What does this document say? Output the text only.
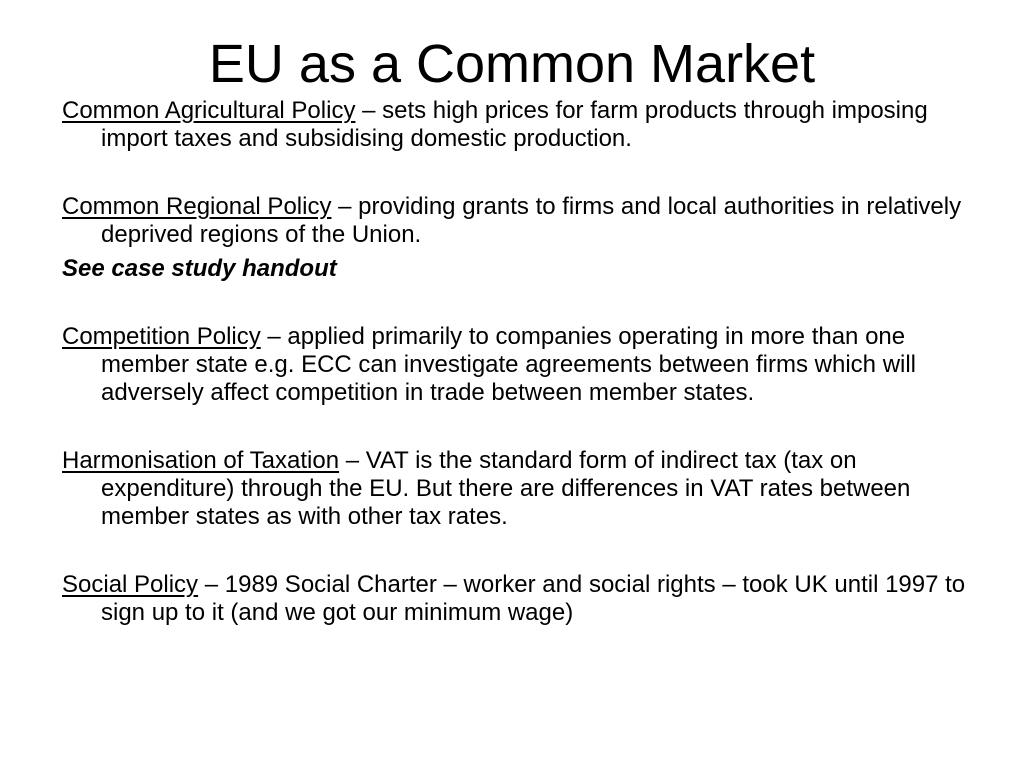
EU as a Common Market

Common Agricultural Policy – sets high prices for farm products through imposing import taxes and subsidising domestic production.

Common Regional Policy – providing grants to firms and local authorities in relatively deprived regions of the Union.

See case study handout

Competition Policy – applied primarily to companies operating in more than one member state e.g. ECC can investigate agreements between firms which will adversely affect competition in trade between member states.

Harmonisation of Taxation – VAT is the standard form of indirect tax (tax on expenditure) through the EU. But there are differences in VAT rates between member states as with other tax rates.

Social Policy – 1989 Social Charter – worker and social rights – took UK until 1997 to sign up to it (and we got our minimum wage)
